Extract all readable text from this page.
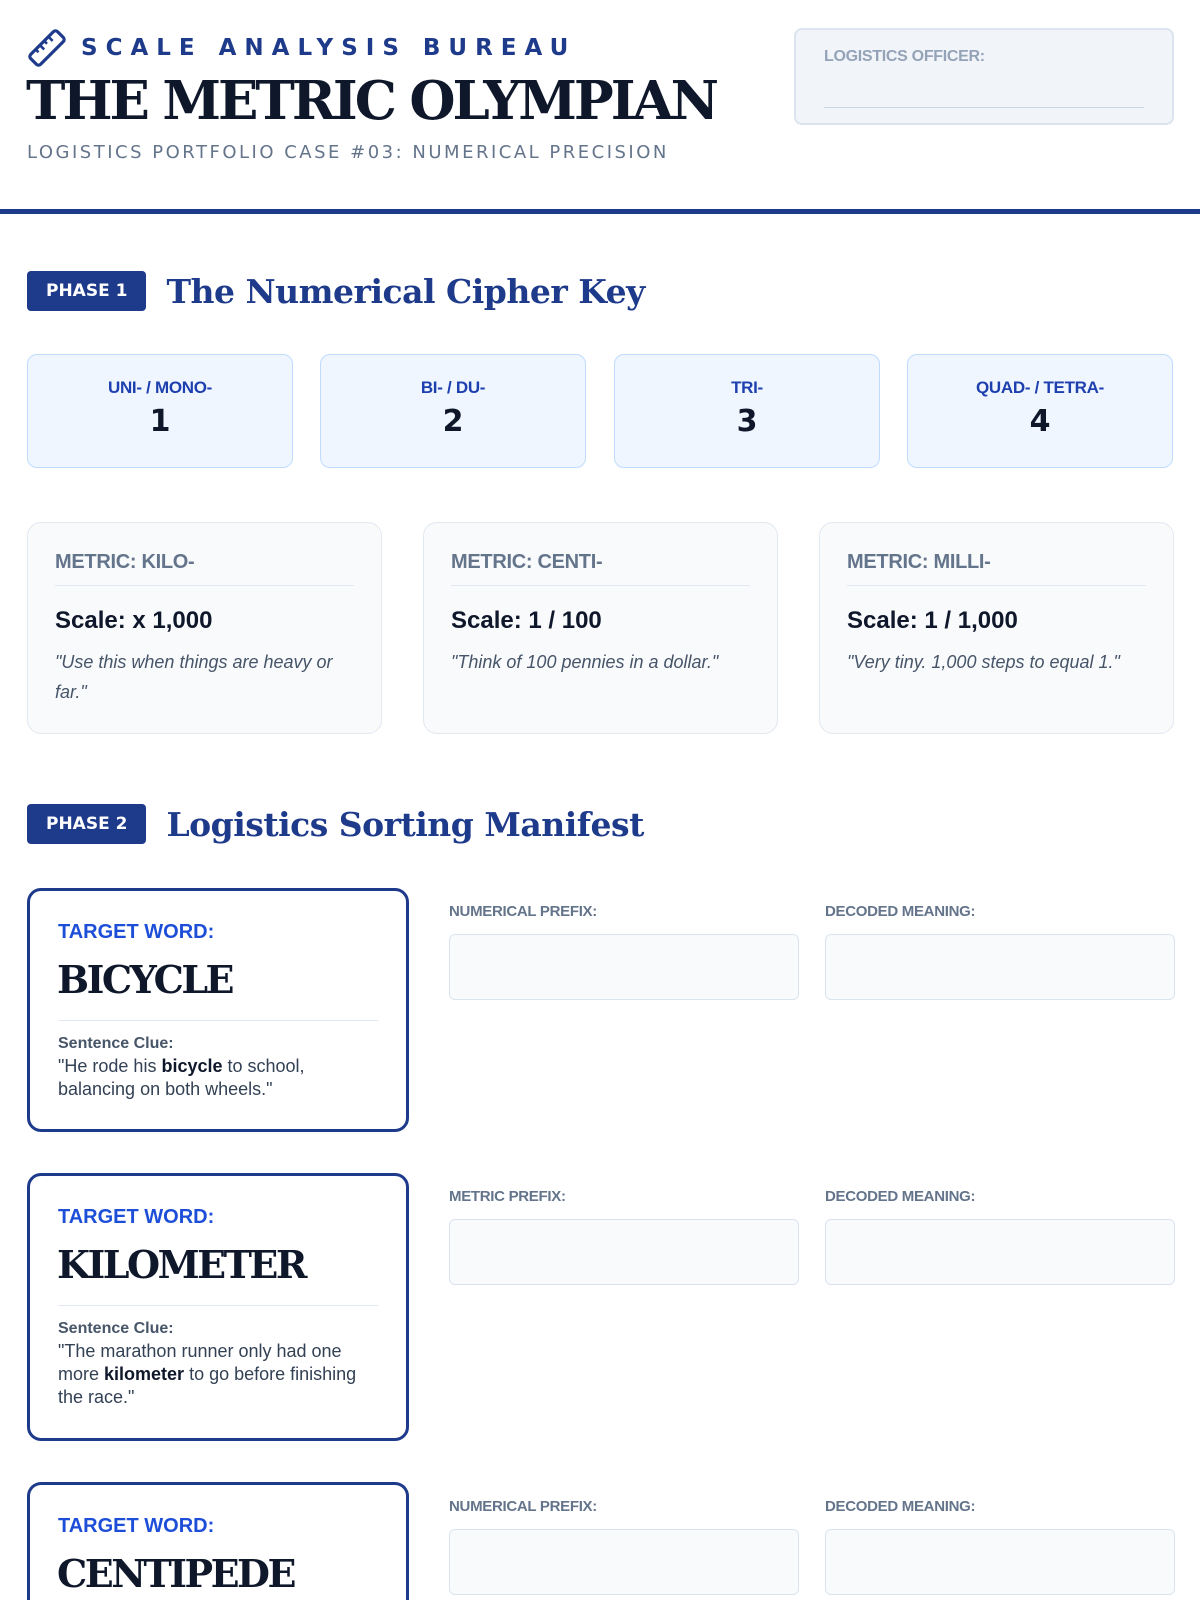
SCALE ANALYSIS BUREAU
THE METRIC OLYMPIAN
LOGISTICS PORTFOLIO CASE #03: NUMERICAL PRECISION
LOGISTICS OFFICER:
PHASE 1	The Numerical Cipher Key
UNI- / MONO-
1
BI- / DU-
2
TRI-
3
QUAD- / TETRA-
4
METRIC: KILO-
Scale: x 1,000
"Use this when things are heavy or far."
METRIC: CENTI-
Scale: 1 / 100
"Think of 100 pennies in a dollar."
METRIC: MILLI-
Scale: 1 / 1,000
"Very tiny. 1,000 steps to equal 1."
PHASE 2	Logistics Sorting Manifest
TARGET WORD:
BICYCLE
Sentence Clue:
"He rode his bicycle to school, balancing on both wheels."
NUMERICAL PREFIX:	DECODED MEANING:
TARGET WORD:
KILOMETER
Sentence Clue:
"The marathon runner only had one more kilometer to go before finishing the race."
METRIC PREFIX:	DECODED MEANING:
TARGET WORD:
CENTIPEDE
NUMERICAL PREFIX:	DECODED MEANING:
